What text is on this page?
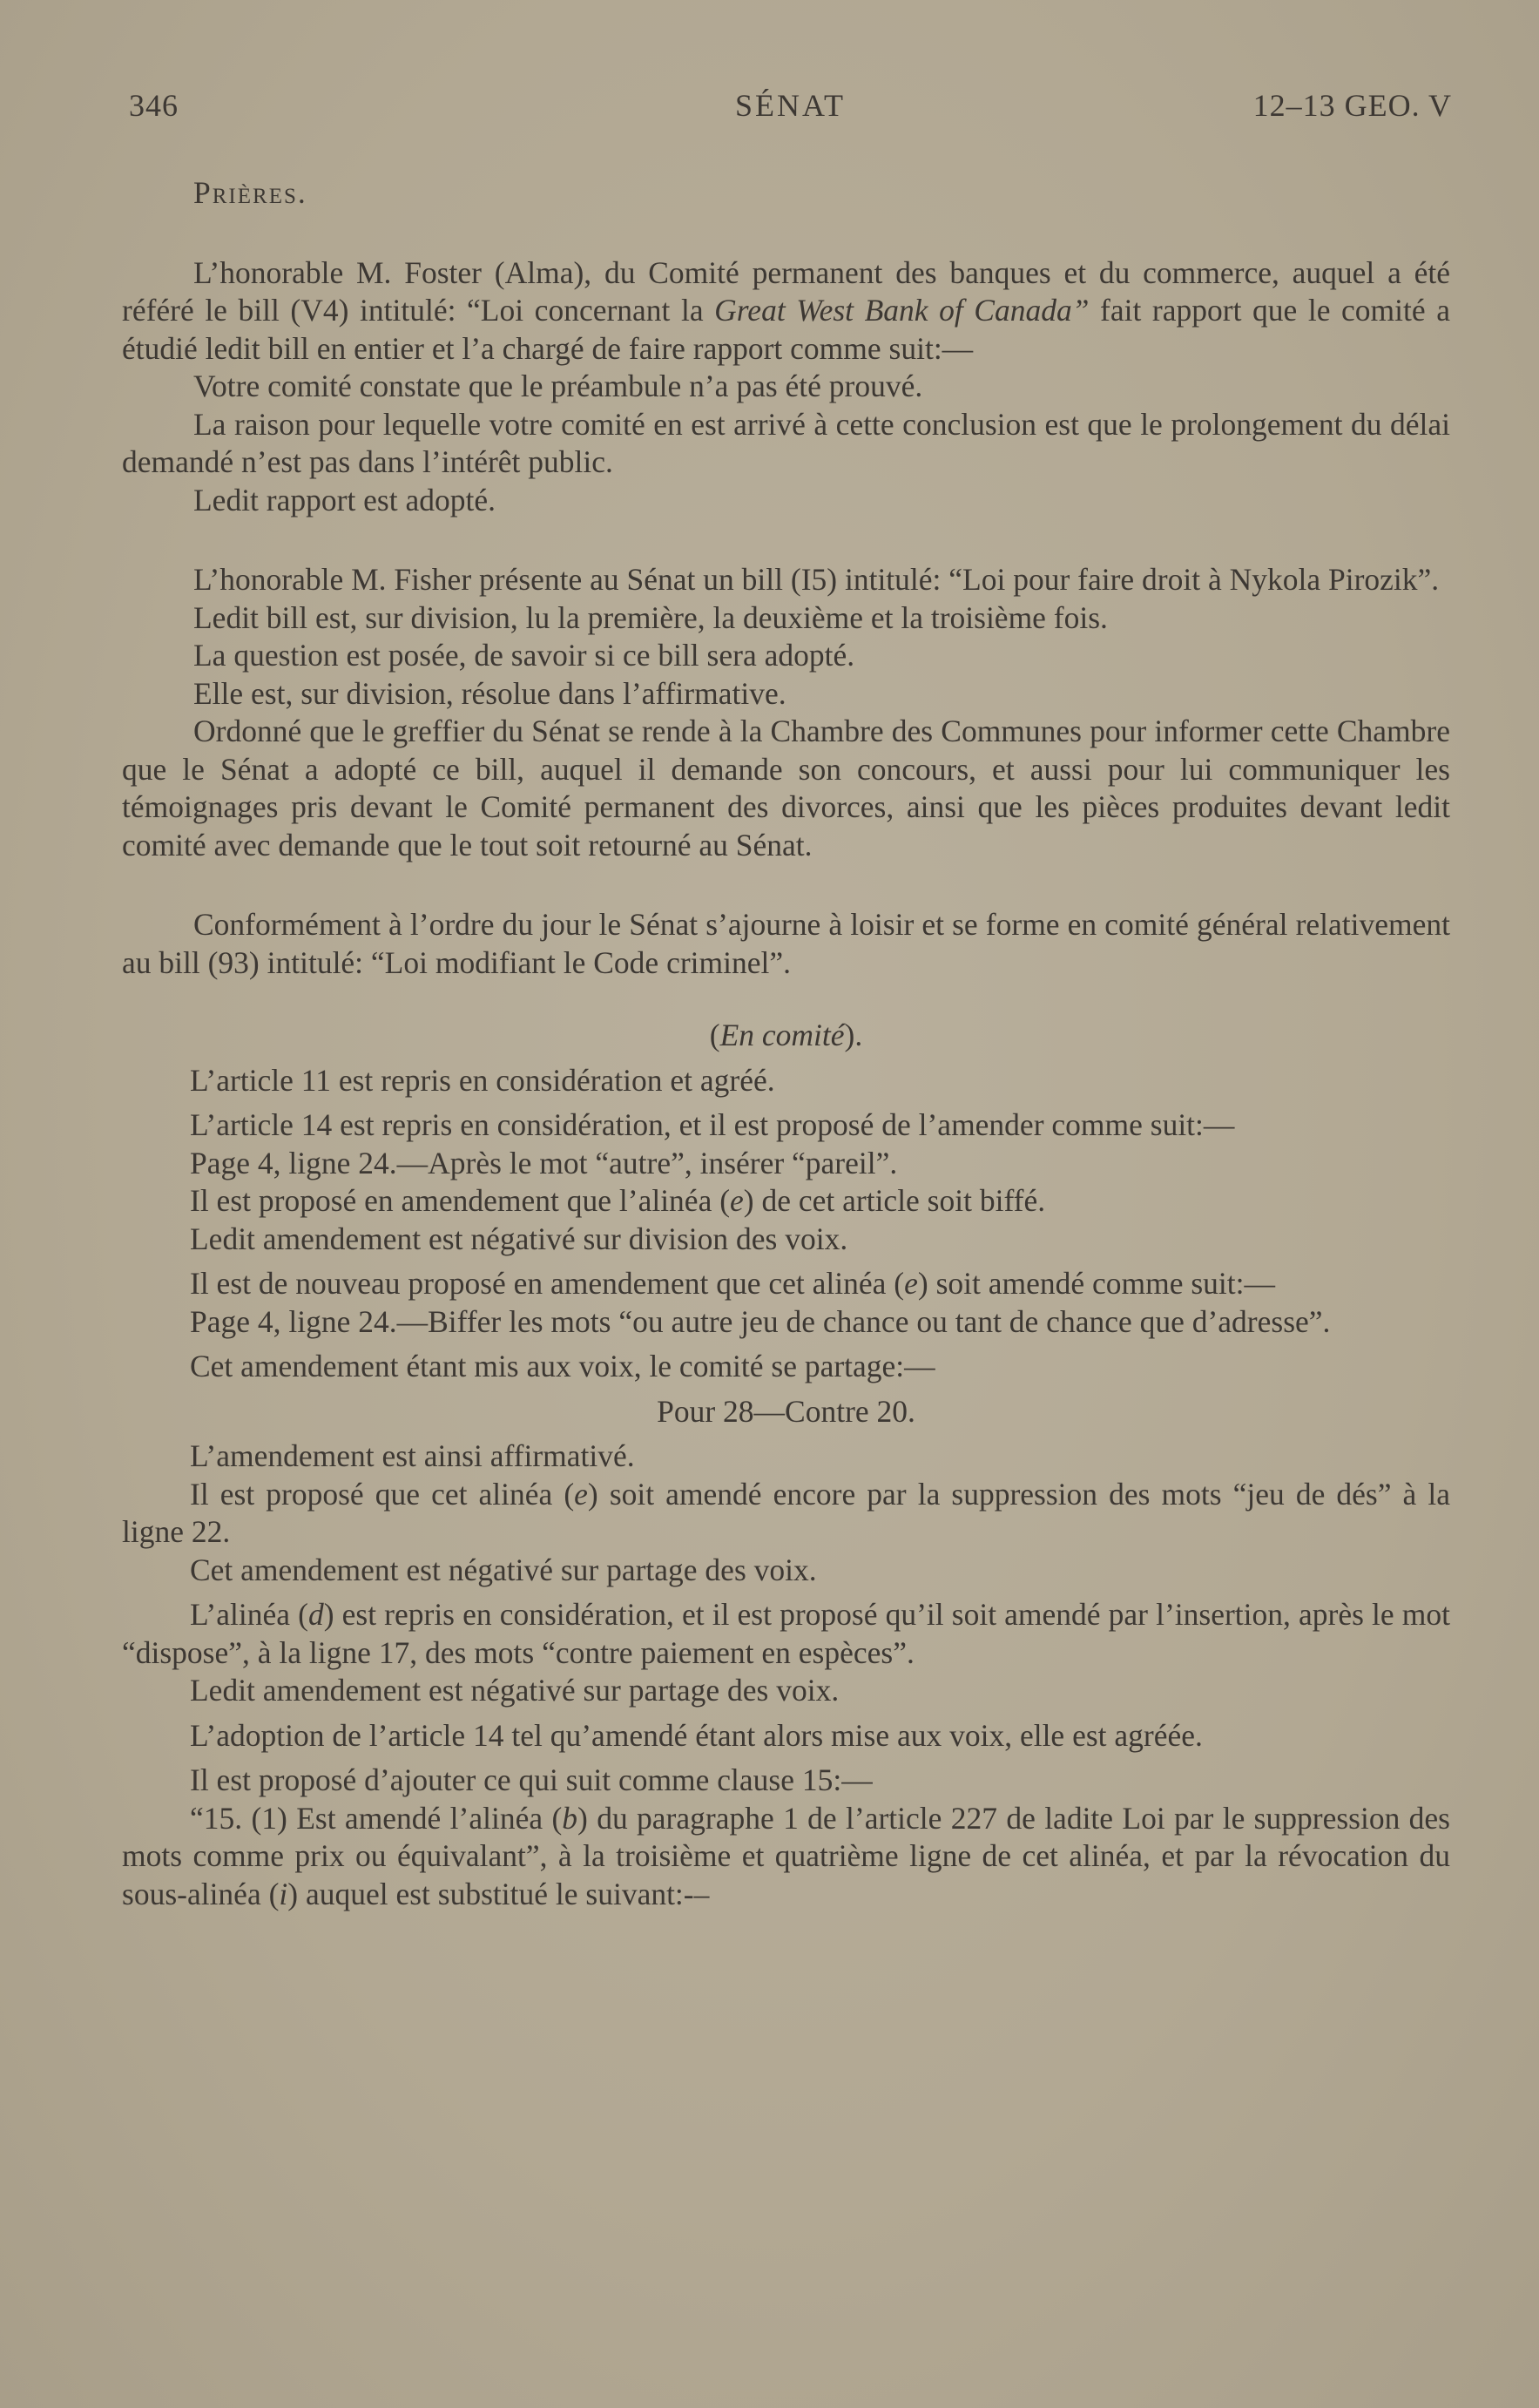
346	SÉNAT	12–13 GEO. V

Prières.

L’honorable M. Foster (Alma), du Comité permanent des banques et du commerce, auquel a été référé le bill (V4) intitulé: “Loi concernant la Great West Bank of Canada” fait rapport que le comité a étudié ledit bill en entier et l’a chargé de faire rapport comme suit:—

Votre comité constate que le préambule n’a pas été prouvé.

La raison pour lequelle votre comité en est arrivé à cette conclusion est que le prolongement du délai demandé n’est pas dans l’intérêt public.

Ledit rapport est adopté.

L’honorable M. Fisher présente au Sénat un bill (I5) intitulé: “Loi pour faire droit à Nykola Pirozik”.

Ledit bill est, sur division, lu la première, la deuxième et la troisième fois.

La question est posée, de savoir si ce bill sera adopté.

Elle est, sur division, résolue dans l’affirmative.

Ordonné que le greffier du Sénat se rende à la Chambre des Communes pour informer cette Chambre que le Sénat a adopté ce bill, auquel il demande son concours, et aussi pour lui communiquer les témoignages pris devant le Comité permanent des divorces, ainsi que les pièces produites devant ledit comité avec demande que le tout soit retourné au Sénat.

Conformément à l’ordre du jour le Sénat s’ajourne à loisir et se forme en comité général relativement au bill (93) intitulé: “Loi modifiant le Code criminel”.

(En comité).

L’article 11 est repris en considération et agréé.

L’article 14 est repris en considération, et il est proposé de l’amender comme suit:—

Page 4, ligne 24.—Après le mot “autre”, insérer “pareil”.

Il est proposé en amendement que l’alinéa (e) de cet article soit biffé.

Ledit amendement est négativé sur division des voix.

Il est de nouveau proposé en amendement que cet alinéa (e) soit amendé comme suit:—

Page 4, ligne 24.—Biffer les mots “ou autre jeu de chance ou tant de chance que d’adresse”.

Cet amendement étant mis aux voix, le comité se partage:—

Pour 28—Contre 20.

L’amendement est ainsi affirmativé.

Il est proposé que cet alinéa (e) soit amendé encore par la suppression des mots “jeu de dés” à la ligne 22.

Cet amendement est négativé sur partage des voix.

L’alinéa (d) est repris en considération, et il est proposé qu’il soit amendé par l’insertion, après le mot “dispose”, à la ligne 17, des mots “contre paiement en espèces”.

Ledit amendement est négativé sur partage des voix.

L’adoption de l’article 14 tel qu’amendé étant alors mise aux voix, elle est agréée.

Il est proposé d’ajouter ce qui suit comme clause 15:—

“15. (1) Est amendé l’alinéa (b) du paragraphe 1 de l’article 227 de ladite Loi par le suppression des mots comme prix ou équivalant”, à la troisième et quatrième ligne de cet alinéa, et par la révocation du sous-alinéa (i) auquel est substitué le suivant:-–
